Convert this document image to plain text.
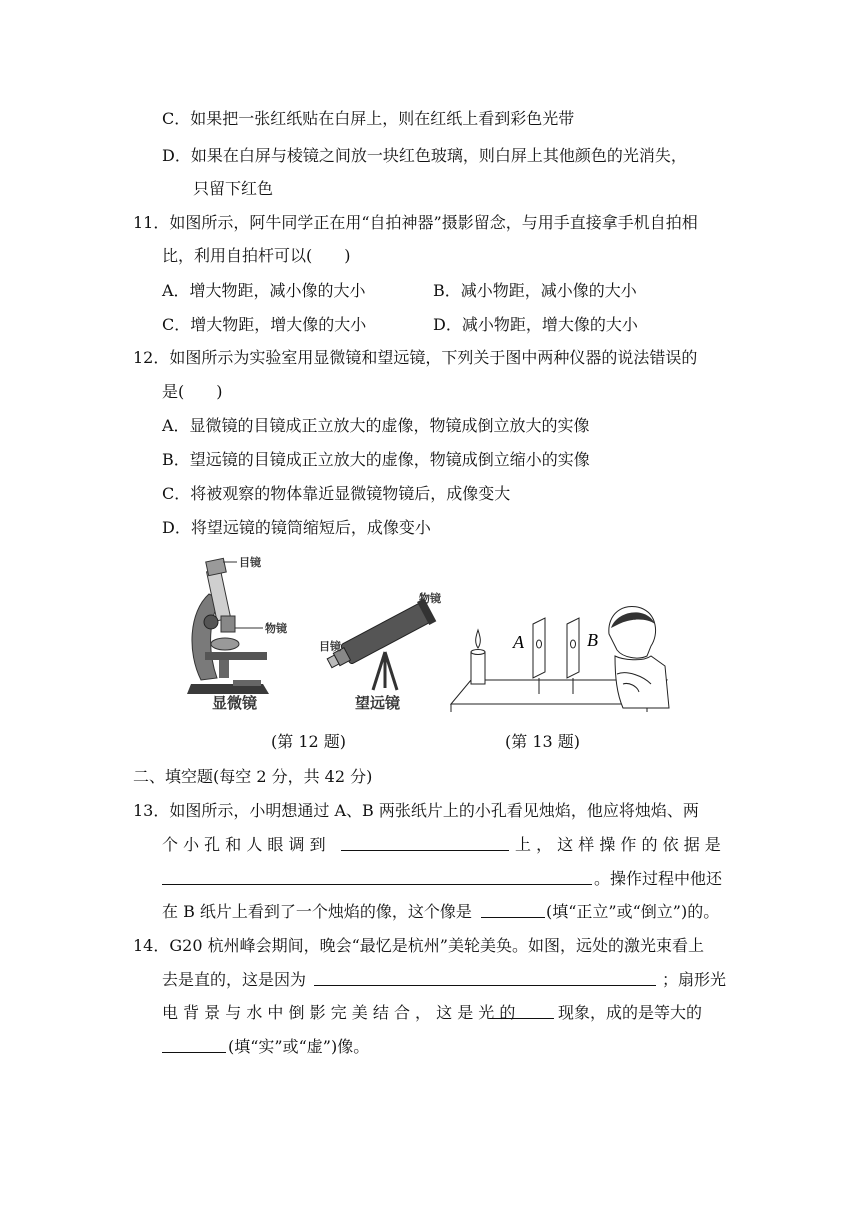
C．如果把一张红纸贴在白屏上，则在红纸上看到彩色光带
D．如果在白屏与棱镜之间放一块红色玻璃，则白屏上其他颜色的光消失，
只留下红色
11．如图所示，阿牛同学正在用“自拍神器”摄影留念，与用手直接拿手机自拍相
比，利用自拍杆可以(　　)
A．增大物距，减小像的大小	B．减小物距，减小像的大小
C．增大物距，增大像的大小	D．减小物距，增大像的大小
12．如图所示为实验室用显微镜和望远镜，下列关于图中两种仪器的说法错误的
是(　　)
A．显微镜的目镜成正立放大的虚像，物镜成倒立放大的实像
B．望远镜的目镜成正立放大的虚像，物镜成倒立缩小的实像
C．将被观察的物体靠近显微镜物镜后，成像变大
D．将望远镜的镜筒缩短后，成像变小
目镜
物镜
显微镜
物镜
目镜
望远镜
A	B
(第 12 题)	(第 13 题)
二、填空题(每空 2 分，共 42 分)
13．如图所示，小明想通过 A、B 两张纸片上的小孔看见烛焰，他应将烛焰、两
个 小 孔 和 人 眼 调 到	上 ， 这 样 操 作 的 依 据 是
。操作过程中他还
在 B 纸片上看到了一个烛焰的像，这个像是	(填“正立”或“倒立”)的。
14．G20 杭州峰会期间，晚会“最忆是杭州”美轮美奂。如图，远处的激光束看上
去是直的，这是因为	；扇形光
电 背 景 与 水 中 倒 影 完 美 结 合 ， 这 是 光 的	现象，成的是等大的
(填“实”或“虚”)像。
